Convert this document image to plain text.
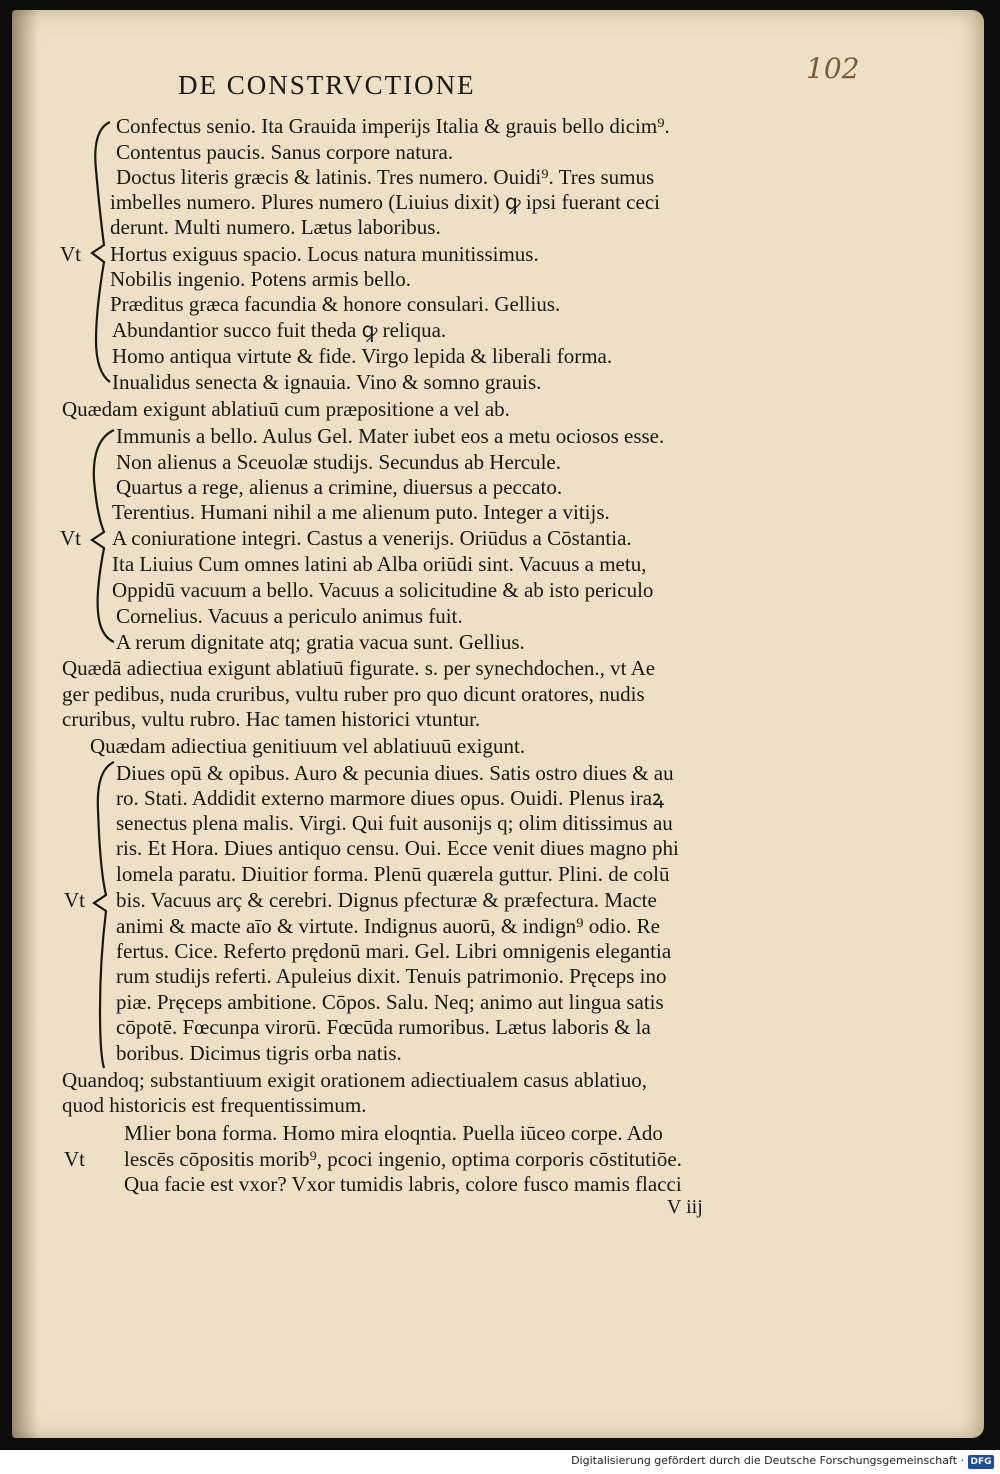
102
DE CONSTRVCTIONE
Confectus senio. Ita Grauida imperijs Italia & grauis bello dicim⁹.
Contentus paucis. Sanus corpore natura.
Doctus literis græcis & latinis. Tres numero. Ouidi⁹. Tres sumus
imbelles numero. Plures numero (Liuius dixit) ꝙ ipsi fuerant ceci
derunt. Multi numero. Lætus laboribus.
Hortus exiguus spacio. Locus natura munitissimus.
Nobilis ingenio. Potens armis bello.
Præditus græca facundia & honore consulari. Gellius.
Abundantior succo fuit theda ꝙ reliqua.
Homo antiqua virtute & fide. Virgo lepida & liberali forma.
Inualidus senecta & ignauia. Vino & somno grauis.
Quædam exigunt ablatiuū cum præpositione a vel ab.
Immunis a bello. Aulus Gel. Mater iubet eos a metu ociosos esse.
Non alienus a Sceuolæ studijs. Secundus ab Hercule.
Quartus a rege, alienus a crimine, diuersus a peccato.
Terentius. Humani nihil a me alienum puto. Integer a vitijs.
A coniuratione integri. Castus a venerijs. Oriūdus a Cōstantia.
Ita Liuius Cum omnes latini ab Alba oriūdi sint. Vacuus a metu,
Oppidū vacuum a bello. Vacuus a solicitudine & ab isto periculo
Cornelius. Vacuus a periculo animus fuit.
A rerum dignitate atq; gratia vacua sunt. Gellius.
Quædā adiectiua exigunt ablatiuū figurate. s. per synechdochen., vt Ae
ger pedibus, nuda cruribus, vultu ruber pro quo dicunt oratores, nudis
cruribus, vultu rubro. Hac tamen historici vtuntur.
Quædam adiectiua genitiuum vel ablatiuuū exigunt.
Diues opū & opibus. Auro & pecunia diues. Satis ostro diues & au
ro. Stati. Addidit externo marmore diues opus. Ouidi. Plenus iraꝝ
senectus plena malis. Virgi. Qui fuit ausonijs q; olim ditissimus au
ris. Et Hora. Diues antiquo censu. Oui. Ecce venit diues magno phi
lomela paratu. Diuitior forma. Plenū quærela guttur. Plini. de colū
bis. Vacuus arç & cerebri. Dignus pfecturæ & præfectura. Macte
animi & macte aīo & virtute. Indignus auorū, & indign⁹ odio. Re
fertus. Cice. Referto prędonū mari. Gel. Libri omnigenis elegantia
rum studijs referti. Apuleius dixit. Tenuis patrimonio. Pręceps ino
piæ. Pręceps ambitione. Cōpos. Salu. Neq; animo aut lingua satis
cōpotē. Fœcunpa virorū. Fœcūda rumoribus. Lætus laboris & la
boribus. Dicimus tigris orba natis.
Quandoq; substantiuum exigit orationem adiectiualem casus ablatiuo,
quod historicis est frequentissimum.
Mlier bona forma. Homo mira eloqntia. Puella iūceo corpe. Ado
lescēs cōpositis morib⁹, pcoci ingenio, optima corporis cōstitutiōe.
Qua facie est vxor? Vxor tumidis labris, colore fusco mamis flacci
Vt
Vt
Vt
Vt
V iij
Digitalisierung gefördert durch die Deutsche Forschungsgemeinschaft · DFG
